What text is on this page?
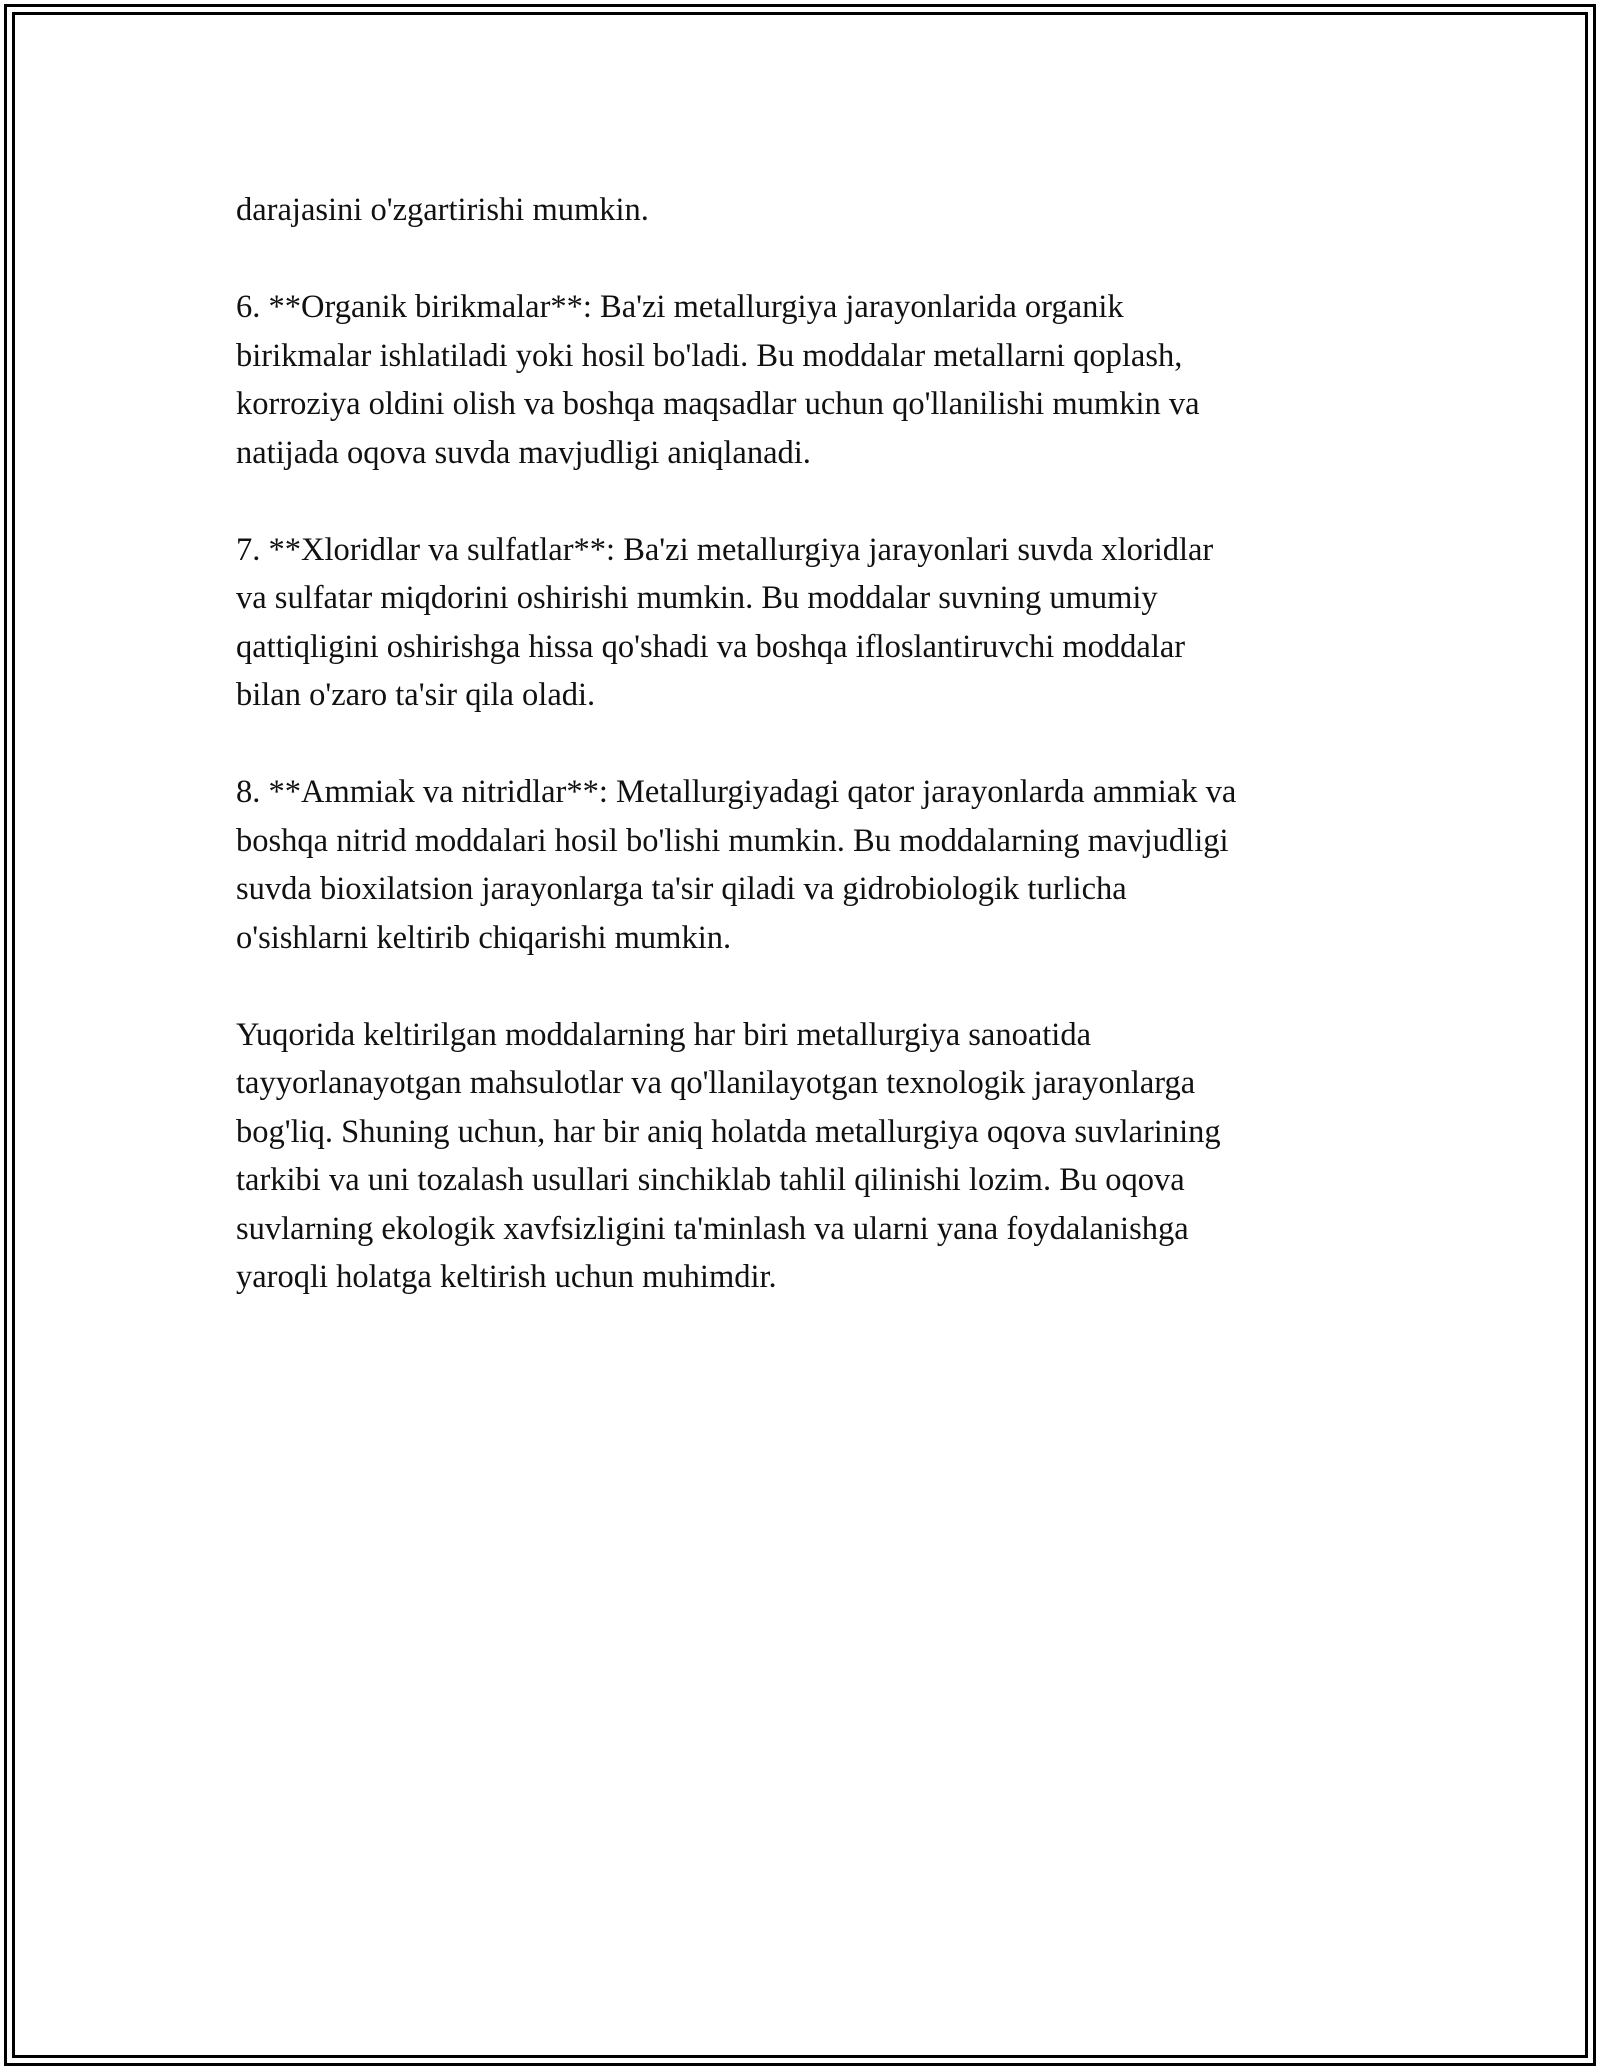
darajasini o'zgartirishi mumkin.

6. **Organik birikmalar**: Ba'zi metallurgiya jarayonlarida organik
birikmalar ishlatiladi yoki hosil bo'ladi. Bu moddalar metallarni qoplash,
korroziya oldini olish va boshqa maqsadlar uchun qo'llanilishi mumkin va
natijada oqova suvda mavjudligi aniqlanadi.

7. **Xloridlar va sulfatlar**: Ba'zi metallurgiya jarayonlari suvda xloridlar
va sulfatar miqdorini oshirishi mumkin. Bu moddalar suvning umumiy
qattiqligini oshirishga hissa qo'shadi va boshqa ifloslantiruvchi moddalar
bilan o'zaro ta'sir qila oladi.

8. **Ammiak va nitridlar**: Metallurgiyadagi qator jarayonlarda ammiak va
boshqa nitrid moddalari hosil bo'lishi mumkin. Bu moddalarning mavjudligi
suvda bioxilatsion jarayonlarga ta'sir qiladi va gidrobiologik turlicha
o'sishlarni keltirib chiqarishi mumkin.

Yuqorida keltirilgan moddalarning har biri metallurgiya sanoatida
tayyorlanayotgan mahsulotlar va qo'llanilayotgan texnologik jarayonlarga
bog'liq. Shuning uchun, har bir aniq holatda metallurgiya oqova suvlarining
tarkibi va uni tozalash usullari sinchiklab tahlil qilinishi lozim. Bu oqova
suvlarning ekologik xavfsizligini ta'minlash va ularni yana foydalanishga
yaroqli holatga keltirish uchun muhimdir.
